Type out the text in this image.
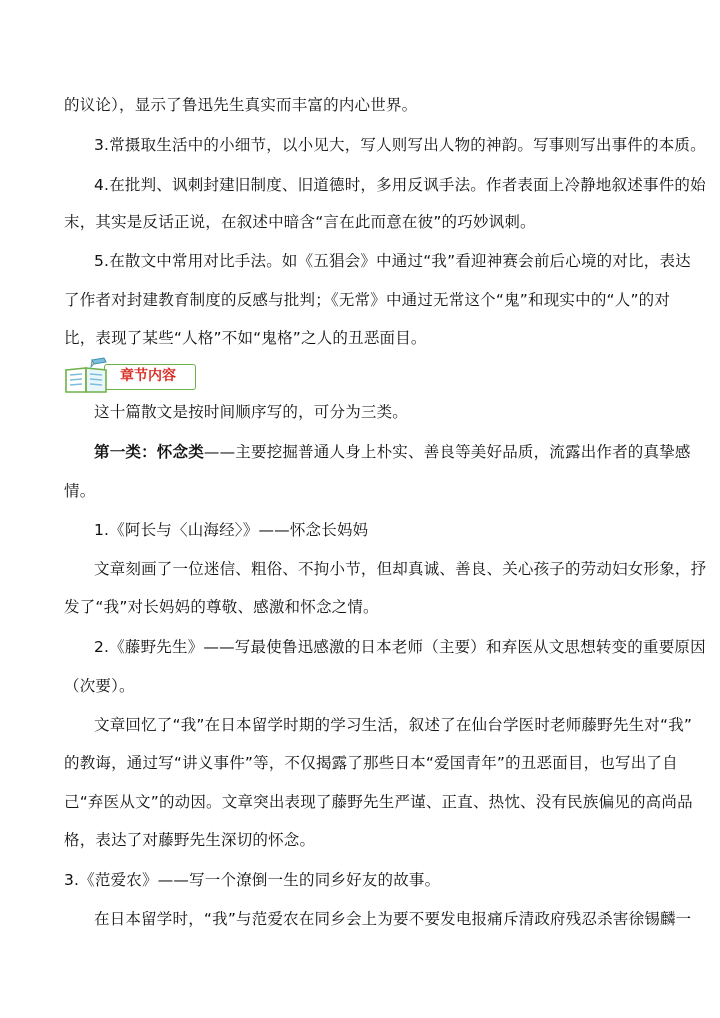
的议论），显示了鲁迅先生真实而丰富的内心世界。
3.常摄取生活中的小细节，以小见大，写人则写出人物的神韵。写事则写出事件的本质。
4.在批判、讽刺封建旧制度、旧道德时，多用反讽手法。作者表面上冷静地叙述事件的始
末，其实是反话正说，在叙述中暗含“言在此而意在彼”的巧妙讽刺。
5.在散文中常用对比手法。如《五猖会》中通过“我”看迎神赛会前后心境的对比，表达
了作者对封建教育制度的反感与批判；《无常》中通过无常这个“鬼”和现实中的“人”的对
比，表现了某些“人格”不如“鬼格”之人的丑恶面目。
章节内容
这十篇散文是按时间顺序写的，可分为三类。
第一类：怀念类——主要挖掘普通人身上朴实、善良等美好品质，流露出作者的真挚感
情。
1.《阿长与〈山海经〉》——怀念长妈妈
文章刻画了一位迷信、粗俗、不拘小节，但却真诚、善良、关心孩子的劳动妇女形象，抒
发了“我”对长妈妈的尊敬、感激和怀念之情。
2.《藤野先生》——写最使鲁迅感激的日本老师（主要）和弃医从文思想转变的重要原因
（次要）。
文章回忆了“我”在日本留学时期的学习生活，叙述了在仙台学医时老师藤野先生对“我”
的教诲，通过写“讲义事件”等，不仅揭露了那些日本“爱国青年”的丑恶面目，也写出了自
己“弃医从文”的动因。文章突出表现了藤野先生严谨、正直、热忱、没有民族偏见的高尚品
格，表达了对藤野先生深切的怀念。
3.《范爱农》——写一个潦倒一生的同乡好友的故事。
在日本留学时，“我”与范爱农在同乡会上为要不要发电报痛斥清政府残忍杀害徐锡麟一
